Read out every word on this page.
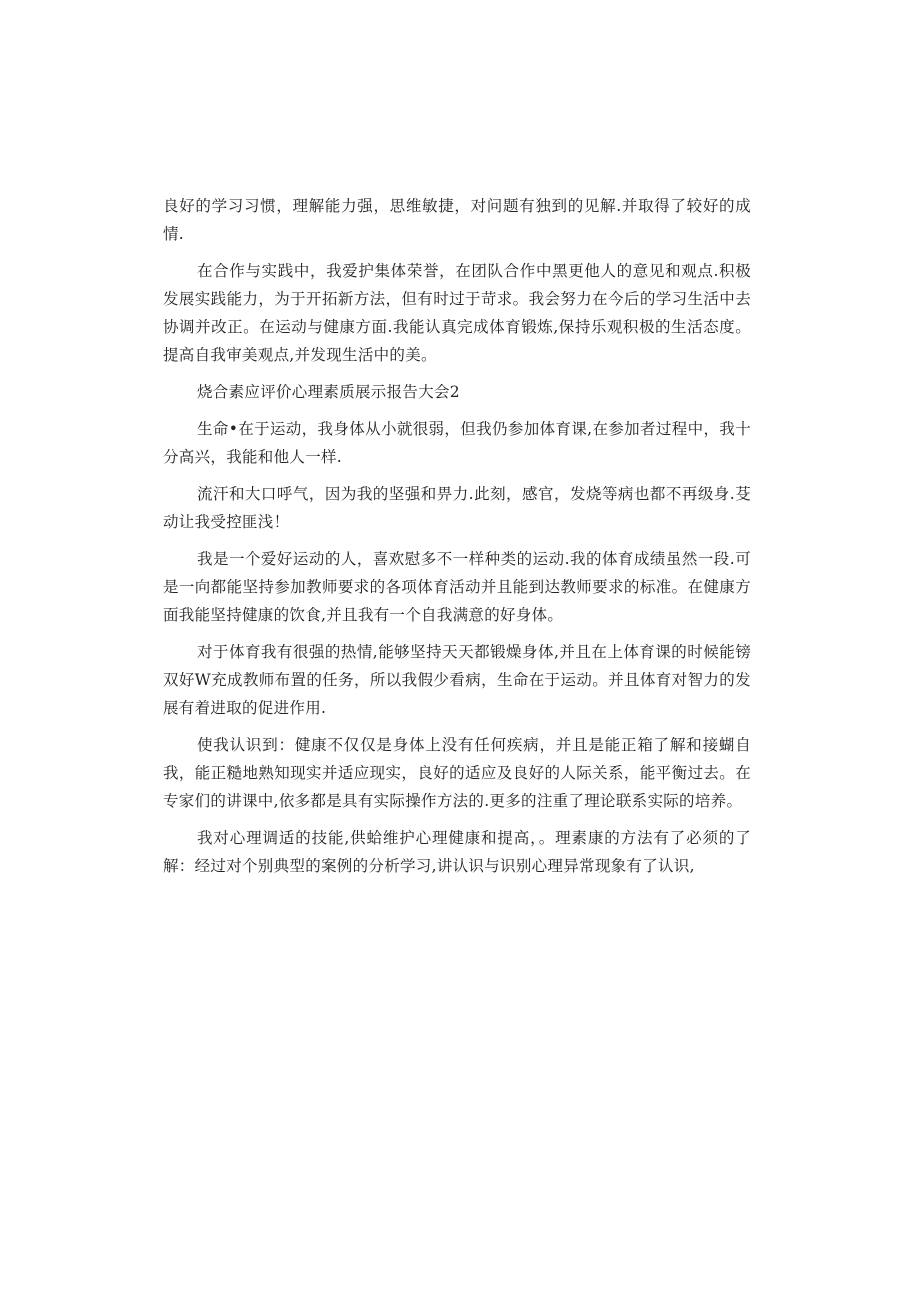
良好的学习习惯，理解能力强，思维敏捷，对问题有独到的见解.并取得了较好的成情.

在合作与实践中，我爱护集体荣誉，在团队合作中黑更他人的意见和观点.积极发展实践能力，为于开拓新方法，但有时过于苛求。我会努力在今后的学习生活中去协调并改正。在运动与健康方面.我能认真完成体育锻炼,保持乐观积极的生活态度。提高自我审美观点,并发现生活中的美。

烧合素应评价心理素质展示报告大会2

生命•在于运动，我身体从小就很弱，但我仍参加体育课,在参加者过程中，我十分高兴，我能和他人一样.

流汗和大口呼气，因为我的坚强和畀力.此刻，感官，发烧等病也都不再级身.芟动让我受控匪浅！

我是一个爱好运动的人，喜欢慰多不一样种类的运动.我的体育成绩虽然一段.可是一向都能坚持参加教师要求的各项体育活动并且能到达教师要求的标准。在健康方面我能坚持健康的饮食,并且我有一个自我满意的好身体。

对于体育我有很强的热情,能够坚持天天都锻燥身体,并且在上体育课的时候能镑双好W充成教师布置的任务，所以我假少看病，生命在于运动。并且体育对智力的发展有着进取的促进作用.

使我认识到：健康不仅仅是身体上没有任何疾病，并且是能正箱了解和接蝴自我，能正糙地熟知现实并适应现实，良好的适应及良好的人际关系，能平衡过去。在专家们的讲课中,依多都是具有实际操作方法的.更多的注重了理论联系实际的培养。

我对心理调适的技能,供蛤维护心理健康和提高，。理素康的方法有了必须的了解：经过对个别典型的案例的分析学习,讲认识与识别心理异常现象有了认识,
